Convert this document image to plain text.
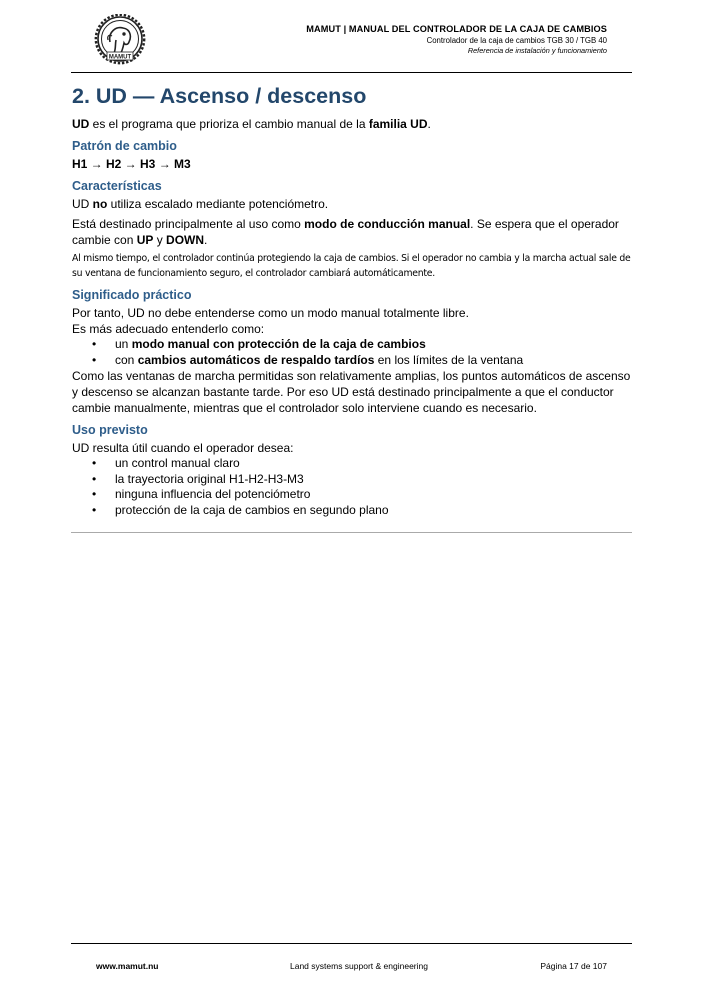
MAMUT
MAMUT | MANUAL DEL CONTROLADOR DE LA CAJA DE CAMBIOS
Controlador de la caja de cambios TGB 30 / TGB 40
Referencia de instalación y funcionamiento
2. UD — Ascenso / descenso

UD es el programa que prioriza el cambio manual de la familia UD.

Patrón de cambio

H1 → H2 → H3 → M3

Características

UD no utiliza escalado mediante potenciómetro.

Está destinado principalmente al uso como modo de conducción manual. Se espera que el operador cambie con UP y DOWN.

Al mismo tiempo, el controlador continúa protegiendo la caja de cambios. Si el operador no cambia y la marcha actual sale de su ventana de funcionamiento seguro, el controlador cambiará automáticamente.

Significado práctico

Por tanto, UD no debe entenderse como un modo manual totalmente libre.

Es más adecuado entenderlo como:

• un modo manual con protección de la caja de cambios
• con cambios automáticos de respaldo tardíos en los límites de la ventana

Como las ventanas de marcha permitidas son relativamente amplias, los puntos automáticos de ascenso y descenso se alcanzan bastante tarde. Por eso UD está destinado principalmente a que el conductor cambie manualmente, mientras que el controlador solo interviene cuando es necesario.

Uso previsto

UD resulta útil cuando el operador desea:

• un control manual claro
• la trayectoria original H1-H2-H3-M3
• ninguna influencia del potenciómetro
• protección de la caja de cambios en segundo plano
www.mamut.nu	Land systems support & engineering	Página 17 de 107
